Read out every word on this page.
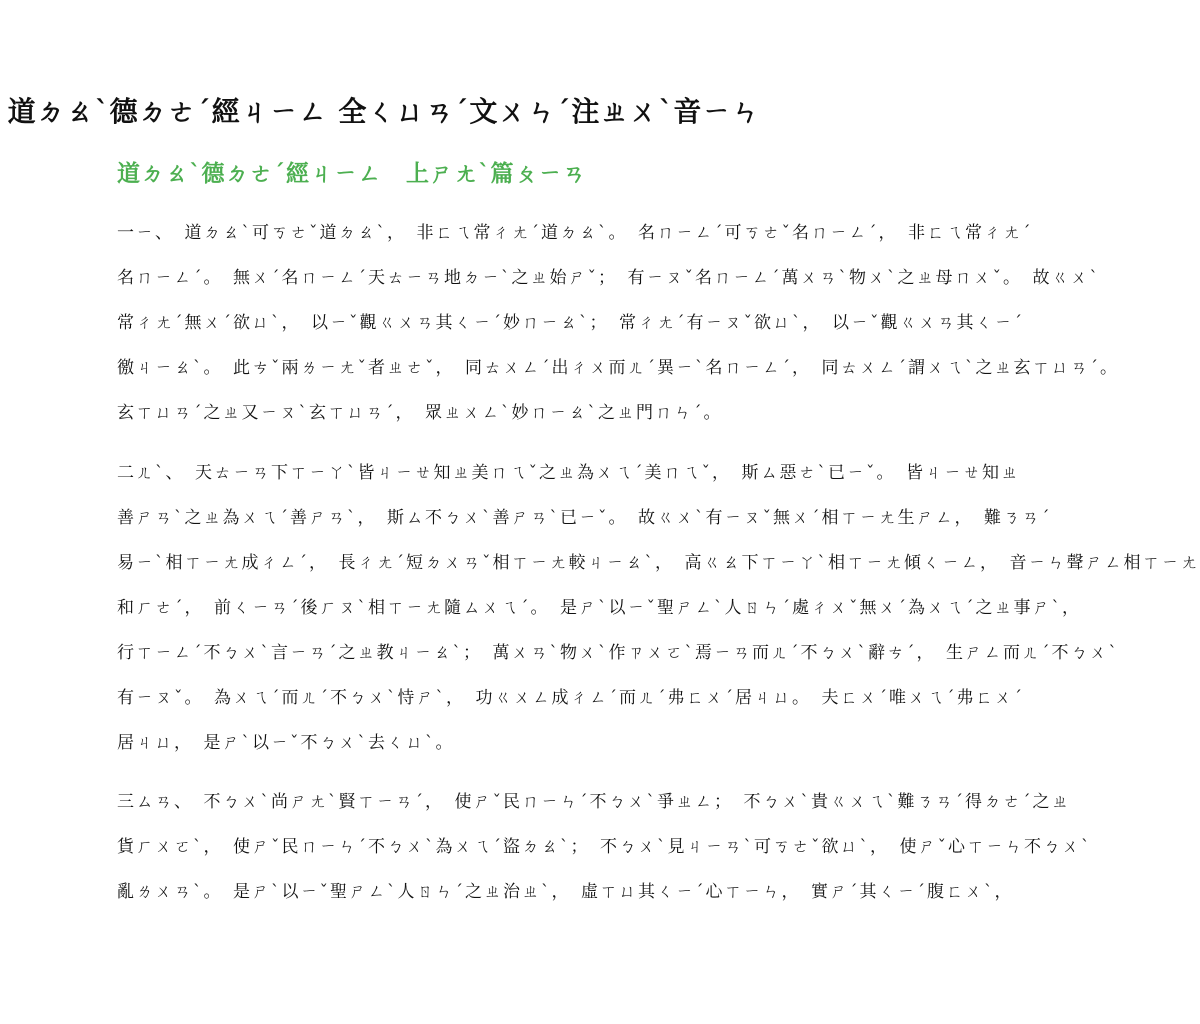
道ㄉㄠˋ德ㄉㄜˊ經ㄐㄧㄥ 全ㄑㄩㄢˊ文ㄨㄣˊ注ㄓㄨˋ音ㄧㄣ
道ㄉㄠˋ德ㄉㄜˊ經ㄐㄧㄥ　上ㄕㄤˋ篇ㄆㄧㄢ
一ㄧ、　道ㄉㄠˋ可ㄎㄜˇ道ㄉㄠˋ，　非ㄈㄟ常ㄔㄤˊ道ㄉㄠˋ。　名ㄇㄧㄥˊ可ㄎㄜˇ名ㄇㄧㄥˊ，　非ㄈㄟ常ㄔㄤˊ
名ㄇㄧㄥˊ。　無ㄨˊ名ㄇㄧㄥˊ天ㄊㄧㄢ地ㄉㄧˋ之ㄓ始ㄕˇ；　有ㄧㄡˇ名ㄇㄧㄥˊ萬ㄨㄢˋ物ㄨˋ之ㄓ母ㄇㄨˇ。　故ㄍㄨˋ
常ㄔㄤˊ無ㄨˊ欲ㄩˋ，　以ㄧˇ觀ㄍㄨㄢ其ㄑㄧˊ妙ㄇㄧㄠˋ；　常ㄔㄤˊ有ㄧㄡˇ欲ㄩˋ，　以ㄧˇ觀ㄍㄨㄢ其ㄑㄧˊ
徼ㄐㄧㄠˋ。　此ㄘˇ兩ㄌㄧㄤˇ者ㄓㄜˇ，　同ㄊㄨㄥˊ出ㄔㄨ而ㄦˊ異ㄧˋ名ㄇㄧㄥˊ，　同ㄊㄨㄥˊ謂ㄨㄟˋ之ㄓ玄ㄒㄩㄢˊ。
玄ㄒㄩㄢˊ之ㄓ又ㄧㄡˋ玄ㄒㄩㄢˊ，　眾ㄓㄨㄥˋ妙ㄇㄧㄠˋ之ㄓ門ㄇㄣˊ。
二ㄦˋ、　天ㄊㄧㄢ下ㄒㄧㄚˋ皆ㄐㄧㄝ知ㄓ美ㄇㄟˇ之ㄓ為ㄨㄟˊ美ㄇㄟˇ，　斯ㄙ惡ㄜˋ已ㄧˇ。　皆ㄐㄧㄝ知ㄓ
善ㄕㄢˋ之ㄓ為ㄨㄟˊ善ㄕㄢˋ，　斯ㄙ不ㄅㄨˋ善ㄕㄢˋ已ㄧˇ。　故ㄍㄨˋ有ㄧㄡˇ無ㄨˊ相ㄒㄧㄤ生ㄕㄥ，　難ㄋㄢˊ
易ㄧˋ相ㄒㄧㄤ成ㄔㄥˊ，　長ㄔㄤˊ短ㄉㄨㄢˇ相ㄒㄧㄤ較ㄐㄧㄠˋ，　高ㄍㄠ下ㄒㄧㄚˋ相ㄒㄧㄤ傾ㄑㄧㄥ，　音ㄧㄣ聲ㄕㄥ相ㄒㄧㄤ
和ㄏㄜˊ，　前ㄑㄧㄢˊ後ㄏㄡˋ相ㄒㄧㄤ隨ㄙㄨㄟˊ。　是ㄕˋ以ㄧˇ聖ㄕㄥˋ人ㄖㄣˊ處ㄔㄨˇ無ㄨˊ為ㄨㄟˊ之ㄓ事ㄕˋ，
行ㄒㄧㄥˊ不ㄅㄨˋ言ㄧㄢˊ之ㄓ教ㄐㄧㄠˋ；　萬ㄨㄢˋ物ㄨˋ作ㄗㄨㄛˋ焉ㄧㄢ而ㄦˊ不ㄅㄨˋ辭ㄘˊ，　生ㄕㄥ而ㄦˊ不ㄅㄨˋ
有ㄧㄡˇ。　為ㄨㄟˊ而ㄦˊ不ㄅㄨˋ恃ㄕˋ，　功ㄍㄨㄥ成ㄔㄥˊ而ㄦˊ弗ㄈㄨˊ居ㄐㄩ。　夫ㄈㄨˊ唯ㄨㄟˊ弗ㄈㄨˊ
居ㄐㄩ，　是ㄕˋ以ㄧˇ不ㄅㄨˋ去ㄑㄩˋ。
三ㄙㄢ、　不ㄅㄨˋ尚ㄕㄤˋ賢ㄒㄧㄢˊ，　使ㄕˇ民ㄇㄧㄣˊ不ㄅㄨˋ爭ㄓㄥ；　不ㄅㄨˋ貴ㄍㄨㄟˋ難ㄋㄢˊ得ㄉㄜˊ之ㄓ
貨ㄏㄨㄛˋ，　使ㄕˇ民ㄇㄧㄣˊ不ㄅㄨˋ為ㄨㄟˊ盜ㄉㄠˋ；　不ㄅㄨˋ見ㄐㄧㄢˋ可ㄎㄜˇ欲ㄩˋ，　使ㄕˇ心ㄒㄧㄣ不ㄅㄨˋ
亂ㄌㄨㄢˋ。　是ㄕˋ以ㄧˇ聖ㄕㄥˋ人ㄖㄣˊ之ㄓ治ㄓˋ，　虛ㄒㄩ其ㄑㄧˊ心ㄒㄧㄣ，　實ㄕˊ其ㄑㄧˊ腹ㄈㄨˋ，
